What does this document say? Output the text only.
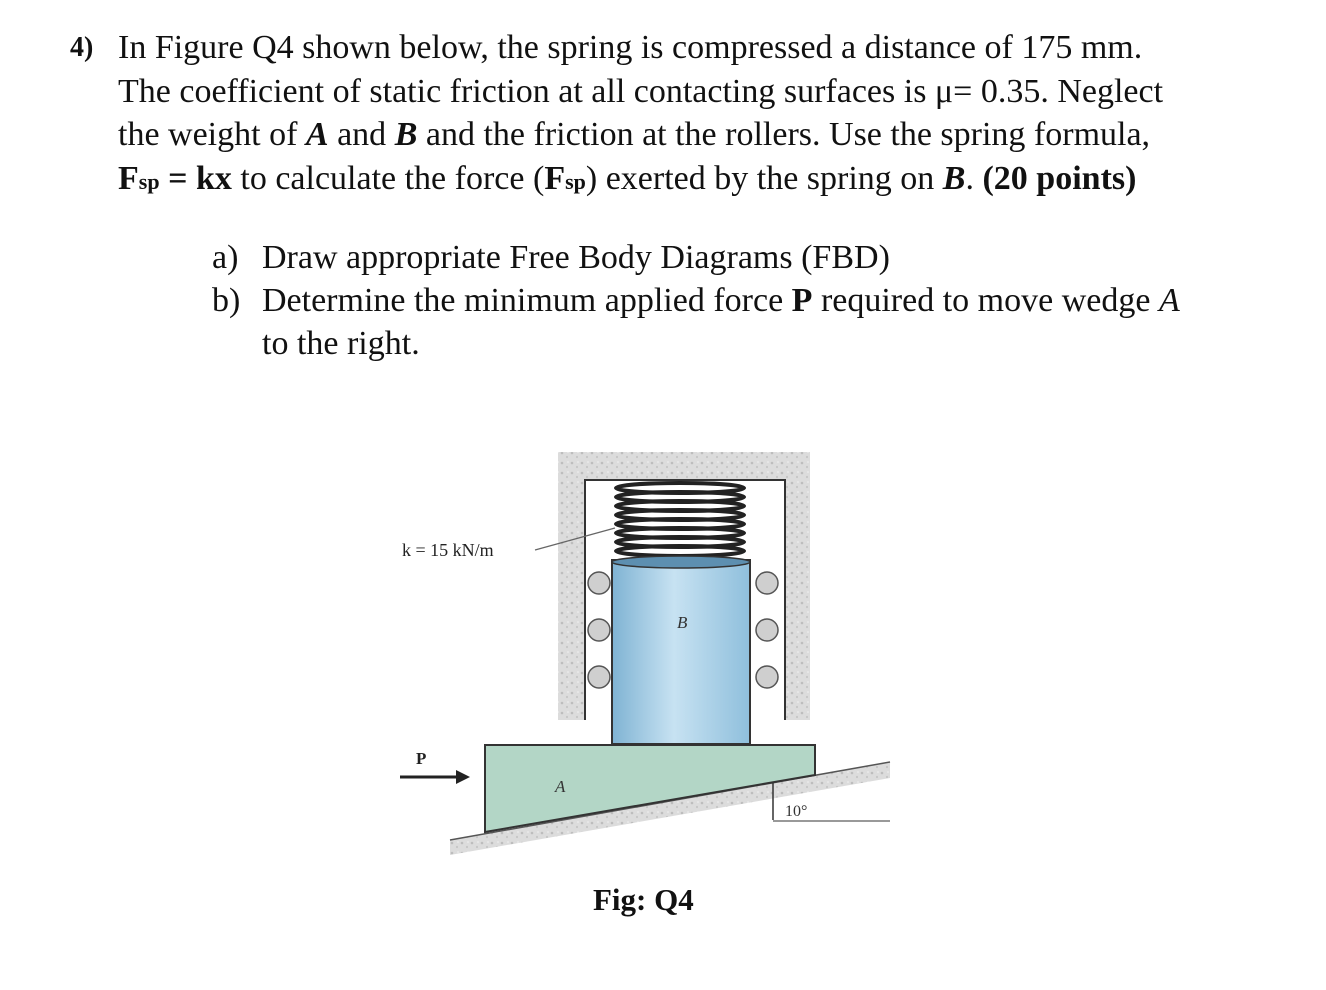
4) In Figure Q4 shown below, the spring is compressed a distance of 175 mm.
The coefficient of static friction at all contacting surfaces is μ= 0.35. Neglect
the weight of A and B and the friction at the rollers. Use the spring formula,
Fsp = kx to calculate the force (Fsp) exerted by the spring on B. (20 points)
a) Draw appropriate Free Body Diagrams (FBD)
b) Determine the minimum applied force P required to move wedge A
to the right.
k = 15 kN/m
B
A
10°
P
Fig: Q4
